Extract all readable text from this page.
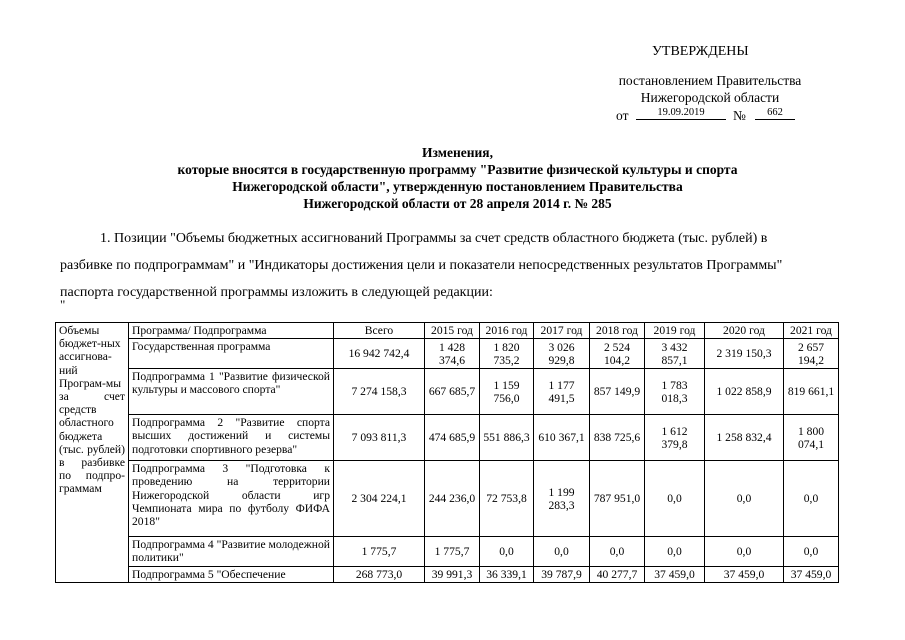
УТВЕРЖДЕНЫ
постановлением Правительства
Нижегородской области
от	19.09.2019	№	662
Изменения,
которые вносятся в государственную программу "Развитие физической культуры и спорта
Нижегородской области", утвержденную постановлением Правительства
Нижегородской области от 28 апреля 2014 г. № 285
1. Позиции "Объемы бюджетных ассигнований Программы за счет средств областного бюджета (тыс. рублей) в
разбивке по подпрограммам" и "Индикаторы достижения цели и показатели непосредственных результатов Программы"
паспорта государственной программы изложить в следующей редакции:
"
Объемы бюджет-ных ассигнова-ний Програм-мы за счет средств областного бюджета (тыс. рублей) в разбивке по подпро-граммам	Программа/ Подпрограмма	Всего	2015 год	2016 год	2017 год	2018 год	2019 год	2020 год	2021 год
	Государственная программа	16 942 742,4	1 428 374,6	1 820 735,2	3 026 929,8	2 524 104,2	3 432 857,1	2 319 150,3	2 657 194,2
	Подпрограмма 1 "Развитие физической культуры и массового спорта"	7 274 158,3	667 685,7	1 159 756,0	1 177 491,5	857 149,9	1 783 018,3	1 022 858,9	819 661,1
	Подпрограмма 2 "Развитие спорта высших достижений и системы подготовки спортивного резерва"	7 093 811,3	474 685,9	551 886,3	610 367,1	838 725,6	1 612 379,8	1 258 832,4	1 800 074,1
	Подпрограмма 3 "Подготовка к проведению на территории Нижегородской области игр Чемпионата мира по футболу ФИФА 2018"	2 304 224,1	244 236,0	72 753,8	1 199 283,3	787 951,0	0,0	0,0	0,0
	Подпрограмма 4 "Развитие молодежной политики"	1 775,7	1 775,7	0,0	0,0	0,0	0,0	0,0	0,0
	Подпрограмма 5 "Обеспечение	268 773,0	39 991,3	36 339,1	39 787,9	40 277,7	37 459,0	37 459,0	37 459,0
